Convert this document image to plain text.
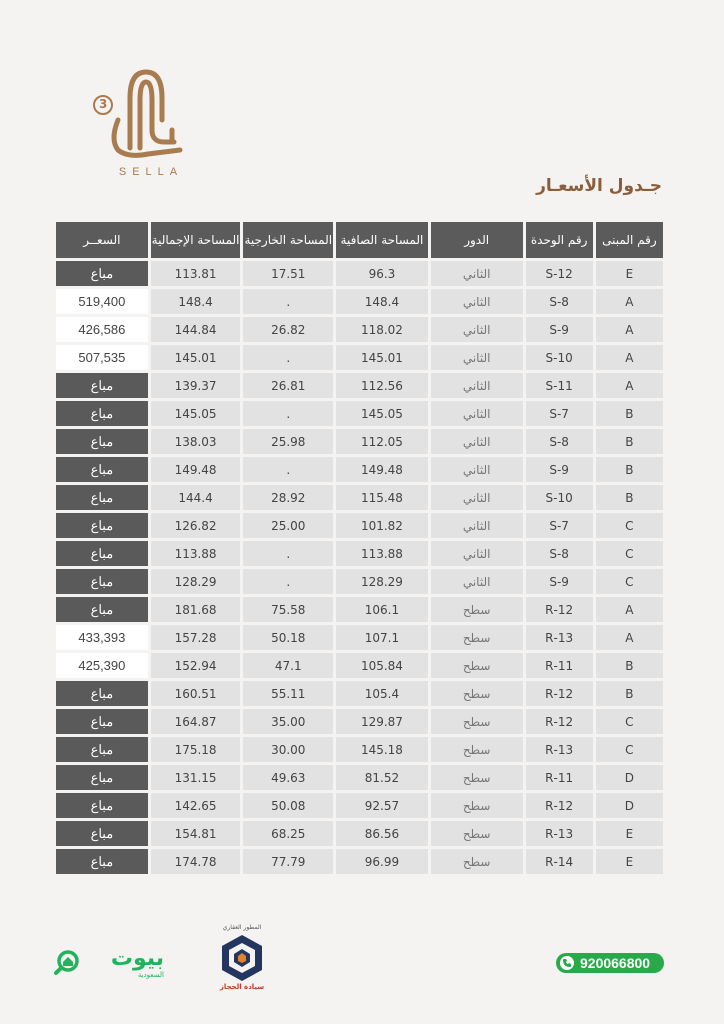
3
SELLA
جـدول الأسعـار
رقم المبنى	رقم الوحدة	الدور	المساحة الصافية	المساحة الخارجية	المساحة الإجمالية	السعــر
E	12-S	الثاني	96.3	17.51	113.81	مباع
A	8-S	الثاني	148.4	.	148.4	519,400
A	9-S	الثاني	118.02	26.82	144.84	426,586
A	10-S	الثاني	145.01	.	145.01	507,535
A	11-S	الثاني	112.56	26.81	139.37	مباع
B	7-S	الثاني	145.05	.	145.05	مباع
B	8-S	الثاني	112.05	25.98	138.03	مباع
B	9-S	الثاني	149.48	.	149.48	مباع
B	10-S	الثاني	115.48	28.92	144.4	مباع
C	7-S	الثاني	101.82	25.00	126.82	مباع
C	8-S	الثاني	113.88	.	113.88	مباع
C	9-S	الثاني	128.29	.	128.29	مباع
A	12-R	سطح	106.1	75.58	181.68	مباع
A	13-R	سطح	107.1	50.18	157.28	433,393
B	11-R	سطح	105.84	47.1	152.94	425,390
B	12-R	سطح	105.4	55.11	160.51	مباع
C	12-R	سطح	129.87	35.00	164.87	مباع
C	13-R	سطح	145.18	30.00	175.18	مباع
D	11-R	سطح	81.52	49.63	131.15	مباع
D	12-R	سطح	92.57	50.08	142.65	مباع
E	13-R	سطح	86.56	68.25	154.81	مباع
E	14-R	سطح	96.99	77.79	174.78	مباع
بيوت
السعودية
المطور العقاري
سيادة الحجاز
920066800
